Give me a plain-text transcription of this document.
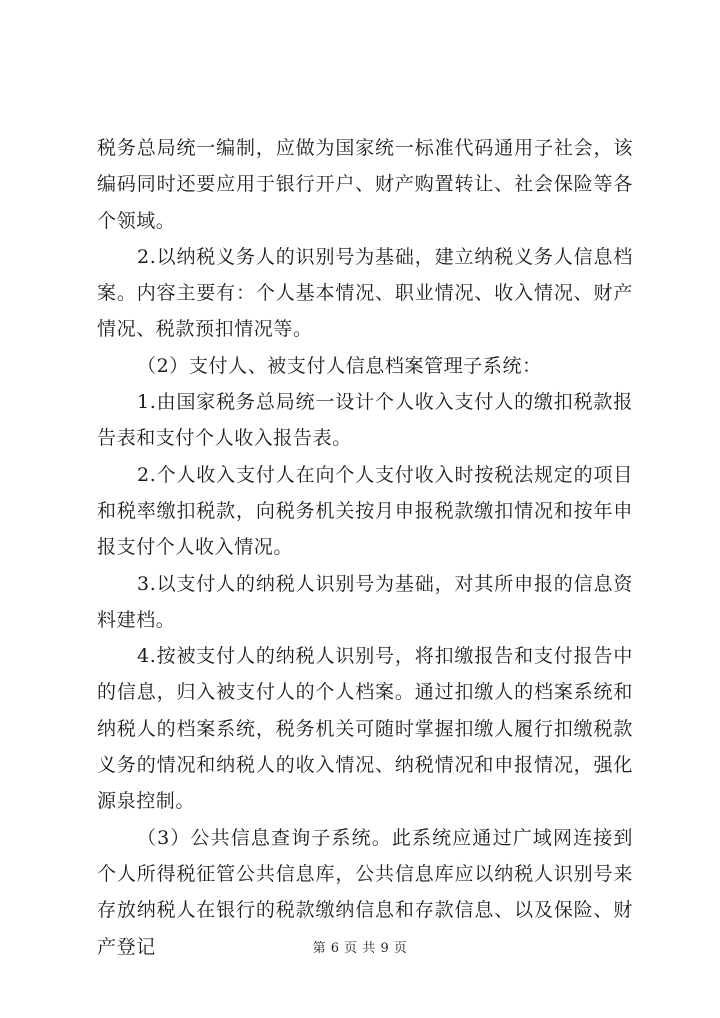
税务总局统一编制，应做为国家统一标准代码通用子社会，该编码同时还要应用于银行开户、财产购置转让、社会保险等各个领域。

2.以纳税义务人的识别号为基础，建立纳税义务人信息档案。内容主要有：个人基本情况、职业情况、收入情况、财产情况、税款预扣情况等。

（2）支付人、被支付人信息档案管理子系统：

1.由国家税务总局统一设计个人收入支付人的缴扣税款报告表和支付个人收入报告表。

2.个人收入支付人在向个人支付收入时按税法规定的项目和税率缴扣税款，向税务机关按月申报税款缴扣情况和按年申报支付个人收入情况。

3.以支付人的纳税人识别号为基础，对其所申报的信息资料建档。

4.按被支付人的纳税人识别号，将扣缴报告和支付报告中的信息，归入被支付人的个人档案。通过扣缴人的档案系统和纳税人的档案系统，税务机关可随时掌握扣缴人履行扣缴税款义务的情况和纳税人的收入情况、纳税情况和申报情况，强化源泉控制。

（3）公共信息查询子系统。此系统应通过广域网连接到个人所得税征管公共信息库，公共信息库应以纳税人识别号来存放纳税人在银行的税款缴纳信息和存款信息、以及保险、财产登记	第 6 页 共 9 页
